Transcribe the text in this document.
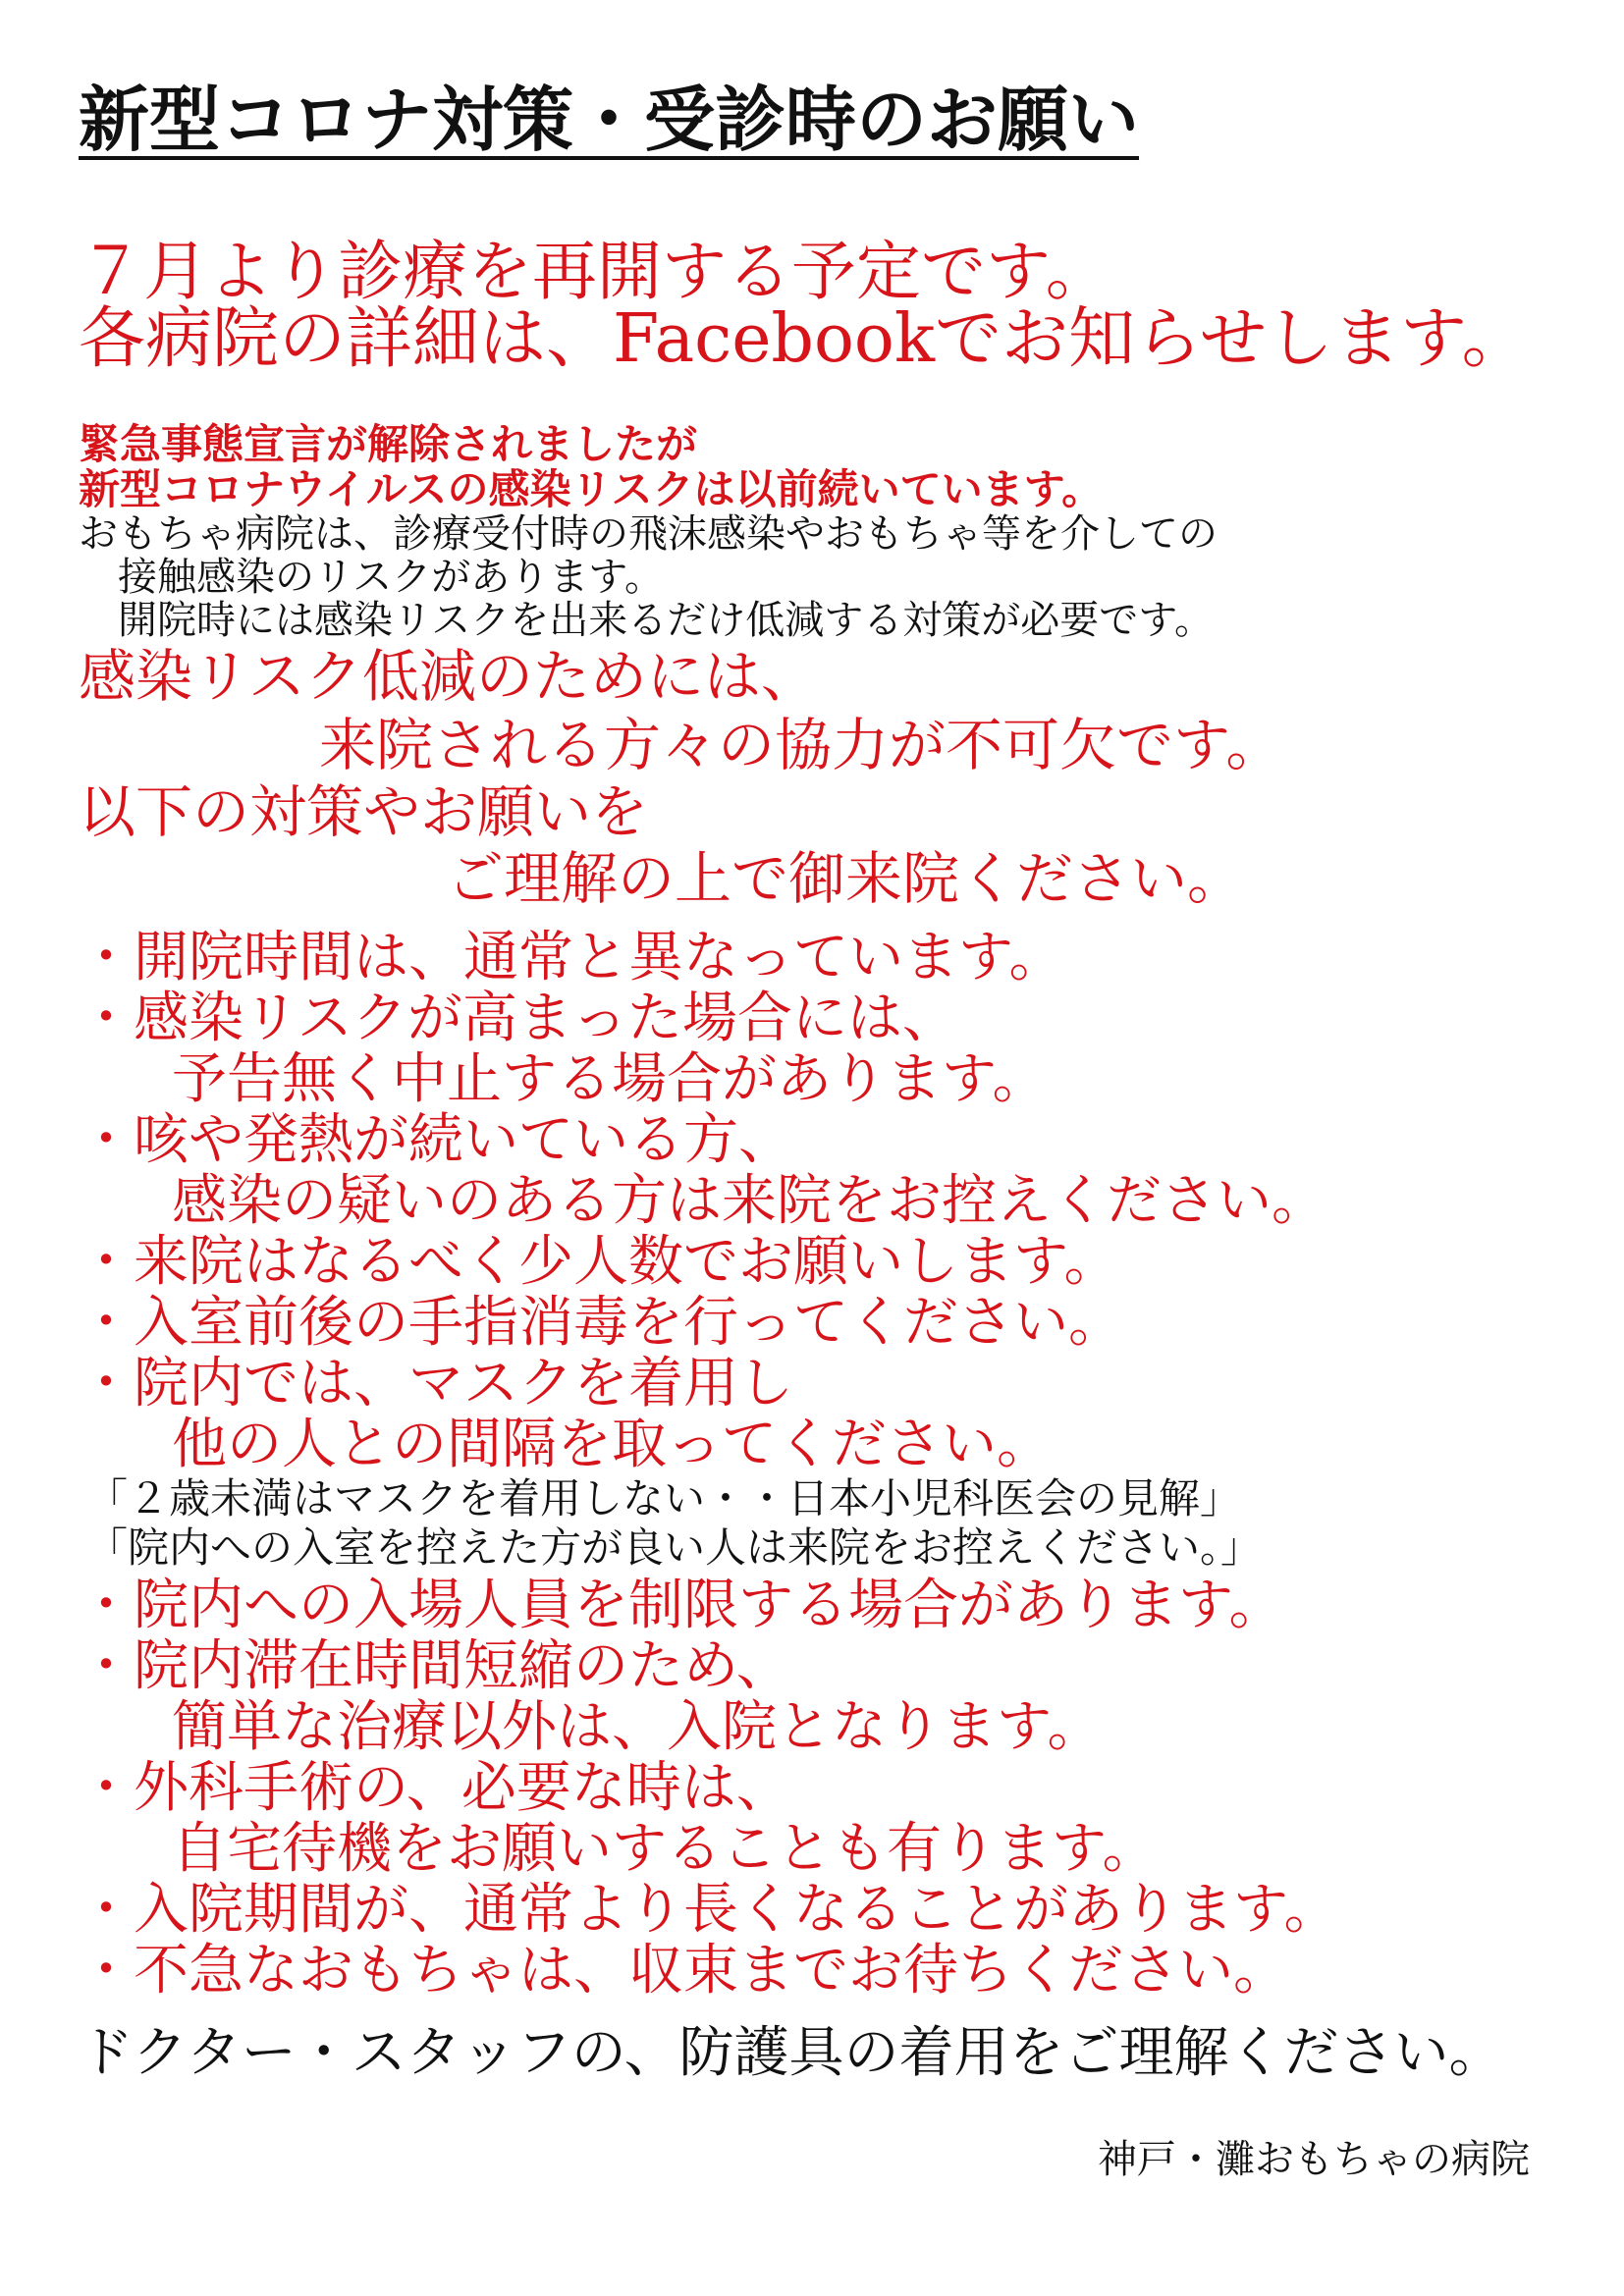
新型コロナ対策・受診時のお願い
７月より診療を再開する予定です。
各病院の詳細は、Facebookでお知らせします。
緊急事態宣言が解除されましたが
新型コロナウイルスの感染リスクは以前続いています。
おもちゃ病院は、診療受付時の飛沫感染やおもちゃ等を介しての
接触感染のリスクがあります。
開院時には感染リスクを出来るだけ低減する対策が必要です。
感染リスク低減のためには、
来院される方々の協力が不可欠です。
以下の対策やお願いを
ご理解の上で御来院ください。
・開院時間は、通常と異なっています。
・感染リスクが高まった場合には、
予告無く中止する場合があります。
・咳や発熱が続いている方、
感染の疑いのある方は来院をお控えください。
・来院はなるべく少人数でお願いします。
・入室前後の手指消毒を行ってください。
・院内では、マスクを着用し
他の人との間隔を取ってください。
「２歳未満はマスクを着用しない・・日本小児科医会の見解」
「院内への入室を控えた方が良い人は来院をお控えください。」
・院内への入場人員を制限する場合があります。
・院内滞在時間短縮のため、
簡単な治療以外は、入院となります。
・外科手術の、必要な時は、
自宅待機をお願いすることも有ります。
・入院期間が、通常より長くなることがあります。
・不急なおもちゃは、収束までお待ちください。
ドクター・スタッフの、防護具の着用をご理解ください。
神戸・灘おもちゃの病院
